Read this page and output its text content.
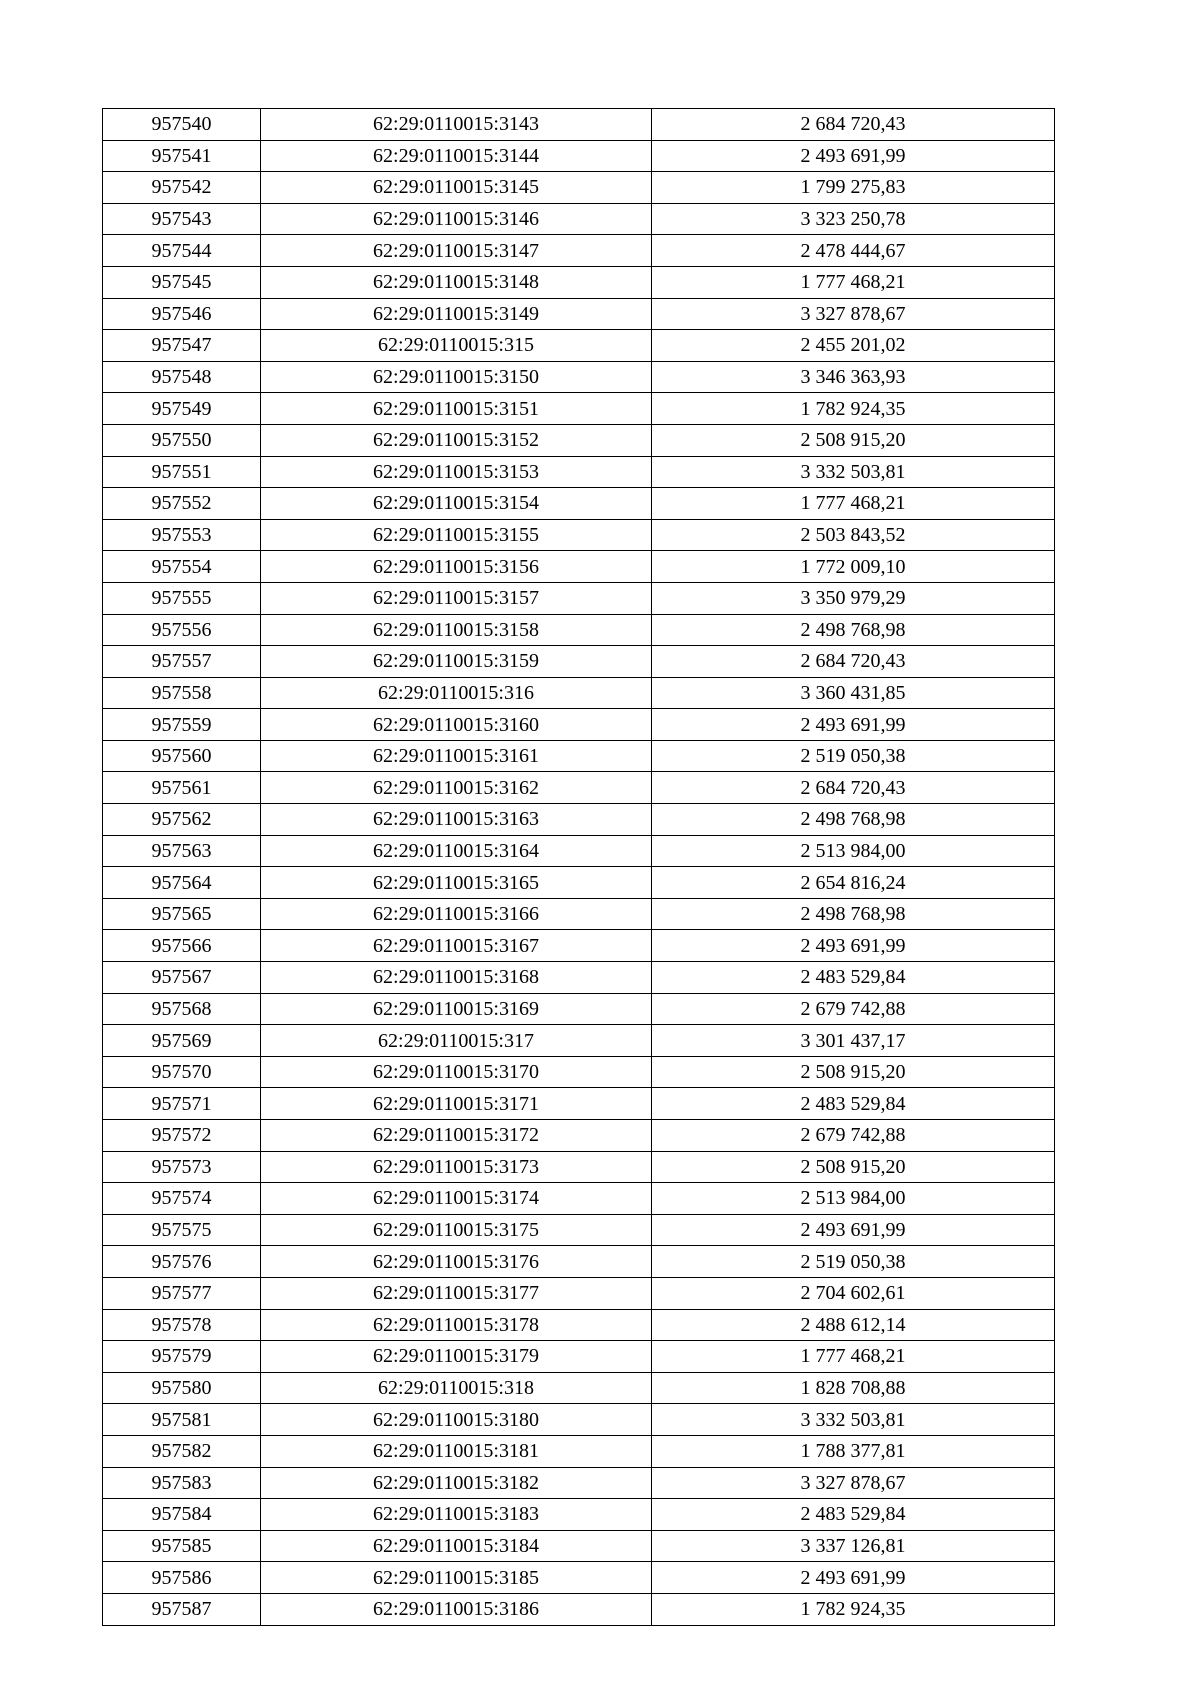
957540	62:29:0110015:3143	2 684 720,43
957541	62:29:0110015:3144	2 493 691,99
957542	62:29:0110015:3145	1 799 275,83
957543	62:29:0110015:3146	3 323 250,78
957544	62:29:0110015:3147	2 478 444,67
957545	62:29:0110015:3148	1 777 468,21
957546	62:29:0110015:3149	3 327 878,67
957547	62:29:0110015:315	2 455 201,02
957548	62:29:0110015:3150	3 346 363,93
957549	62:29:0110015:3151	1 782 924,35
957550	62:29:0110015:3152	2 508 915,20
957551	62:29:0110015:3153	3 332 503,81
957552	62:29:0110015:3154	1 777 468,21
957553	62:29:0110015:3155	2 503 843,52
957554	62:29:0110015:3156	1 772 009,10
957555	62:29:0110015:3157	3 350 979,29
957556	62:29:0110015:3158	2 498 768,98
957557	62:29:0110015:3159	2 684 720,43
957558	62:29:0110015:316	3 360 431,85
957559	62:29:0110015:3160	2 493 691,99
957560	62:29:0110015:3161	2 519 050,38
957561	62:29:0110015:3162	2 684 720,43
957562	62:29:0110015:3163	2 498 768,98
957563	62:29:0110015:3164	2 513 984,00
957564	62:29:0110015:3165	2 654 816,24
957565	62:29:0110015:3166	2 498 768,98
957566	62:29:0110015:3167	2 493 691,99
957567	62:29:0110015:3168	2 483 529,84
957568	62:29:0110015:3169	2 679 742,88
957569	62:29:0110015:317	3 301 437,17
957570	62:29:0110015:3170	2 508 915,20
957571	62:29:0110015:3171	2 483 529,84
957572	62:29:0110015:3172	2 679 742,88
957573	62:29:0110015:3173	2 508 915,20
957574	62:29:0110015:3174	2 513 984,00
957575	62:29:0110015:3175	2 493 691,99
957576	62:29:0110015:3176	2 519 050,38
957577	62:29:0110015:3177	2 704 602,61
957578	62:29:0110015:3178	2 488 612,14
957579	62:29:0110015:3179	1 777 468,21
957580	62:29:0110015:318	1 828 708,88
957581	62:29:0110015:3180	3 332 503,81
957582	62:29:0110015:3181	1 788 377,81
957583	62:29:0110015:3182	3 327 878,67
957584	62:29:0110015:3183	2 483 529,84
957585	62:29:0110015:3184	3 337 126,81
957586	62:29:0110015:3185	2 493 691,99
957587	62:29:0110015:3186	1 782 924,35
